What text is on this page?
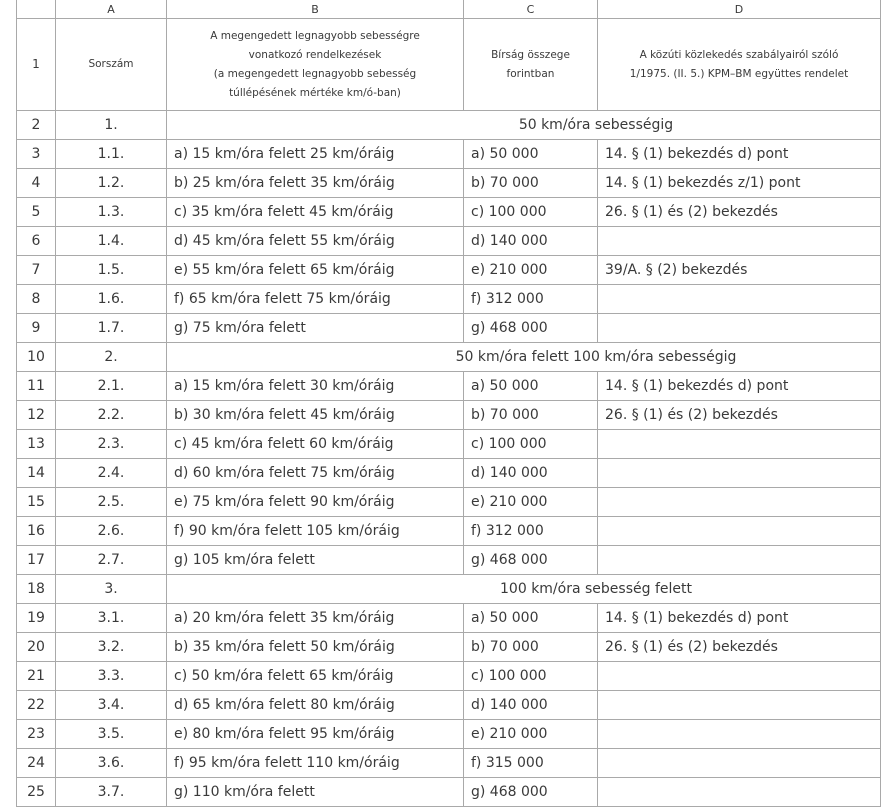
	A	B	C	D
1	Sorszám	A megengedett legnagyobb sebességre
vonatkozó rendelkezések
(a megengedett legnagyobb sebesség
túllépésének mértéke km/ó-ban)	Bírság összege
forintban	A közúti közlekedés szabályairól szóló
1/1975. (II. 5.) KPM–BM együttes rendelet

2	1.	50 km/óra sebességig		
3	1.1.	a) 15 km/óra felett 25 km/óráig	a) 50 000	14. § (1) bekezdés d) pont
4	1.2.	b) 25 km/óra felett 35 km/óráig	b) 70 000	14. § (1) bekezdés z/1) pont
5	1.3.	c) 35 km/óra felett 45 km/óráig	c) 100 000	26. § (1) és (2) bekezdés
6	1.4.	d) 45 km/óra felett 55 km/óráig	d) 140 000	
7	1.5.	e) 55 km/óra felett 65 km/óráig	e) 210 000	39/A. § (2) bekezdés
8	1.6.	f) 65 km/óra felett 75 km/óráig	f) 312 000	
9	1.7.	g) 75 km/óra felett	g) 468 000	
10	2.	50 km/óra felett 100 km/óra sebességig		
11	2.1.	a) 15 km/óra felett 30 km/óráig	a) 50 000	14. § (1) bekezdés d) pont
12	2.2.	b) 30 km/óra felett 45 km/óráig	b) 70 000	26. § (1) és (2) bekezdés
13	2.3.	c) 45 km/óra felett 60 km/óráig	c) 100 000	
14	2.4.	d) 60 km/óra felett 75 km/óráig	d) 140 000	
15	2.5.	e) 75 km/óra felett 90 km/óráig	e) 210 000	
16	2.6.	f) 90 km/óra felett 105 km/óráig	f) 312 000	
17	2.7.	g) 105 km/óra felett	g) 468 000	
18	3.	100 km/óra sebesség felett		
19	3.1.	a) 20 km/óra felett 35 km/óráig	a) 50 000	14. § (1) bekezdés d) pont
20	3.2.	b) 35 km/óra felett 50 km/óráig	b) 70 000	26. § (1) és (2) bekezdés
21	3.3.	c) 50 km/óra felett 65 km/óráig	c) 100 000	
22	3.4.	d) 65 km/óra felett 80 km/óráig	d) 140 000	
23	3.5.	e) 80 km/óra felett 95 km/óráig	e) 210 000	
24	3.6.	f) 95 km/óra felett 110 km/óráig	f) 315 000	
25	3.7.	g) 110 km/óra felett	g) 468 000	
